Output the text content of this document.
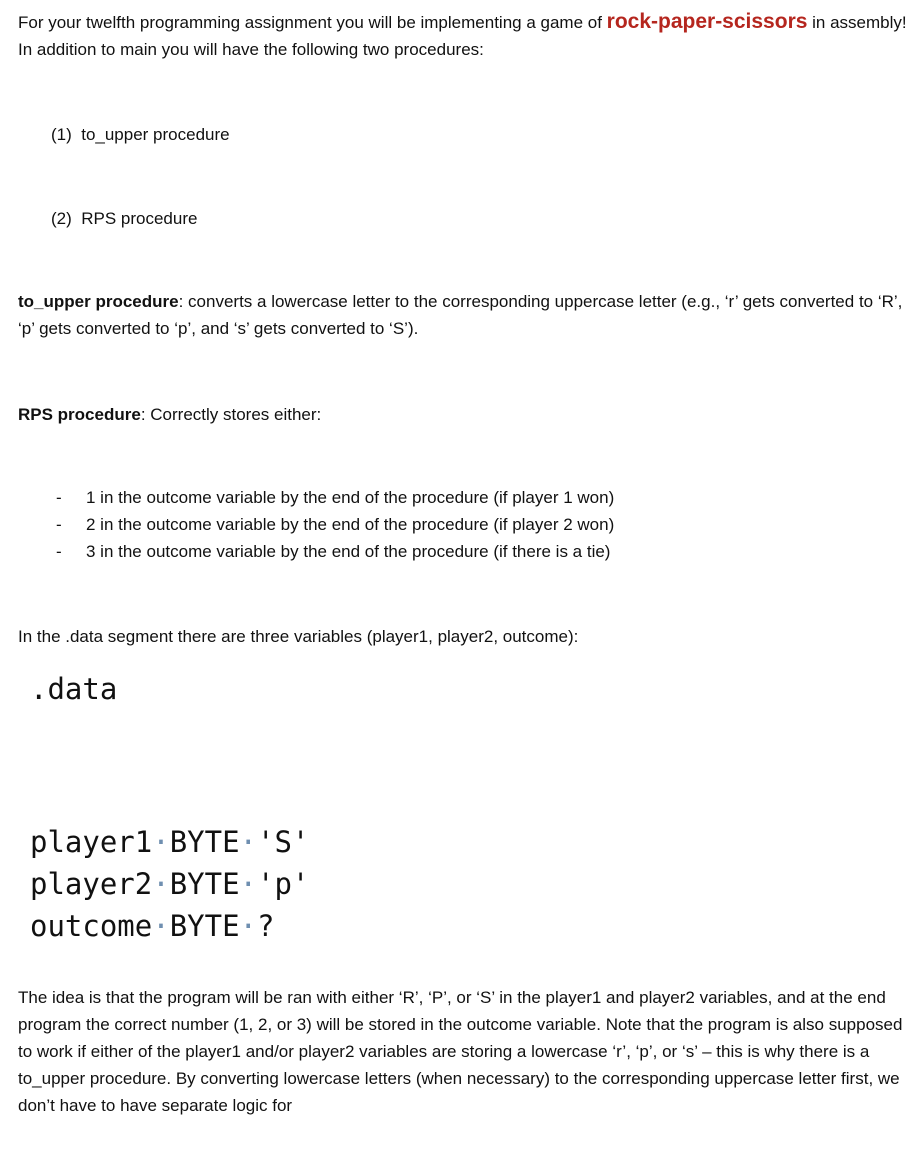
For your twelfth programming assignment you will be implementing a game of rock-paper-scissors in assembly! In addition to main you will have the following two procedures:

(1)  to_upper procedure

(2)  RPS procedure

to_upper procedure: converts a lowercase letter to the corresponding uppercase letter (e.g., ‘r’ gets converted to ‘R’, ‘p’ gets converted to ‘p’, and ‘s’ gets converted to ‘S’).

RPS procedure: Correctly stores either:

- 1 in the outcome variable by the end of the procedure (if player 1 won)
- 2 in the outcome variable by the end of the procedure (if player 2 won)
- 3 in the outcome variable by the end of the procedure (if there is a tie)

In the .data segment there are three variables (player1, player2, outcome):

.data
player1·BYTE·'S'
player2·BYTE·'p'
outcome·BYTE·?

The idea is that the program will be ran with either ‘R’, ‘P’, or ‘S’ in the player1 and player2 variables, and at the end program the correct number (1, 2, or 3) will be stored in the outcome variable. Note that the program is also supposed to work if either of the player1 and/or player2 variables are storing a lowercase ‘r’, ‘p’, or ‘s’ – this is why there is a to_upper procedure. By converting lowercase letters (when necessary) to the corresponding uppercase letter first, we don’t have to have separate logic for
